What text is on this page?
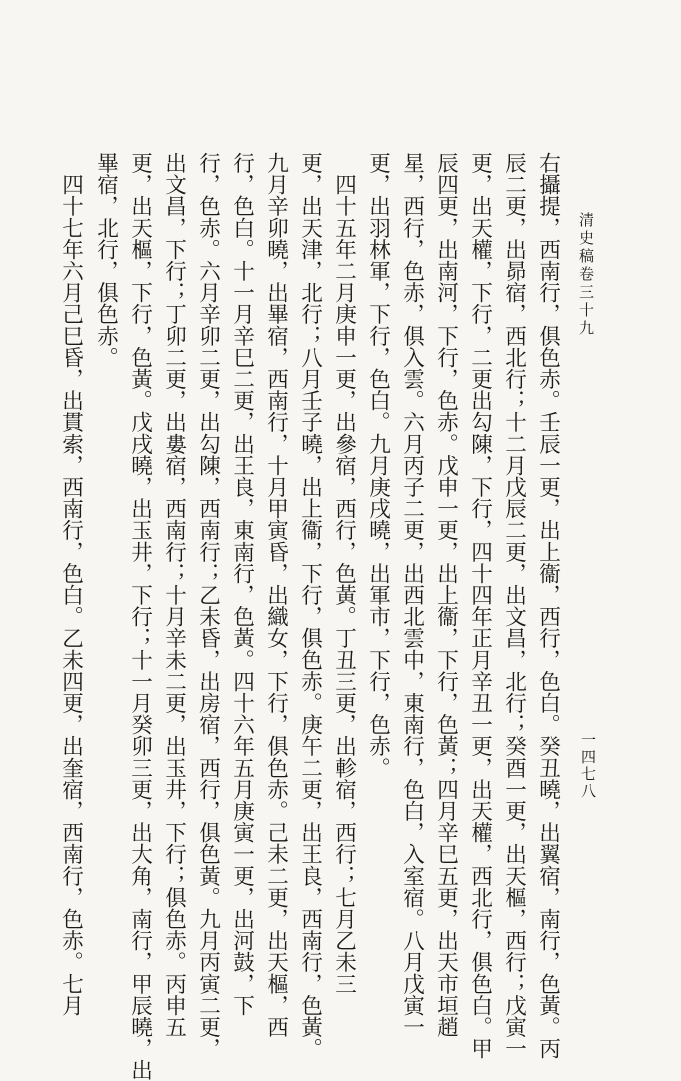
清史稿卷三十九
一四七八
右攝提，西南行，俱色赤。壬辰一更，出上衞，西行，色白。癸丑曉，出翼宿，南行，色黃。丙
辰二更，出昴宿，西北行；十二月戊辰二更，出文昌，北行；癸酉一更，出天樞，西行；戊寅一
更，出天權，下行，二更出勾陳，下行，四十四年正月辛丑一更，出天權，西北行，俱色白。甲
辰四更，出南河，下行，色赤。戊申一更，出上衞，下行，色黃；四月辛巳五更，出天市垣趙
星，西行，色赤，俱入雲。六月丙子二更，出西北雲中，東南行，色白，入室宿。八月戊寅一
更，出羽林軍，下行，色白。九月庚戌曉，出軍市，下行，色赤。
　四十五年二月庚申一更，出參宿，西行，色黃。丁丑三更，出軫宿，西行；七月乙未三
更，出天津，北行；八月壬子曉，出上衞，下行，俱色赤。庚午二更，出王良，西南行，色黃。
九月辛卯曉，出畢宿，西南行，十月甲寅昏，出織女，下行，俱色赤。己未二更，出天樞，西
行，色白。十一月辛巳二更，出王良，東南行，色黃。四十六年五月庚寅一更，出河鼓，下
行，色赤。六月辛卯二更，出勾陳，西南行；乙未昏，出房宿，西行，俱色黃。九月丙寅二更，
出文昌，下行；丁卯二更，出婁宿，西南行；十月辛未二更，出玉井，下行；俱色赤。丙申五
更，出天樞，下行，色黃。戊戌曉，出玉井，下行；十一月癸卯三更，出大角，南行，甲辰曉，出
畢宿，北行，俱色赤。
　四十七年六月己巳昏，出貫索，西南行，色白。乙未四更，出奎宿，西南行，色赤。七月
